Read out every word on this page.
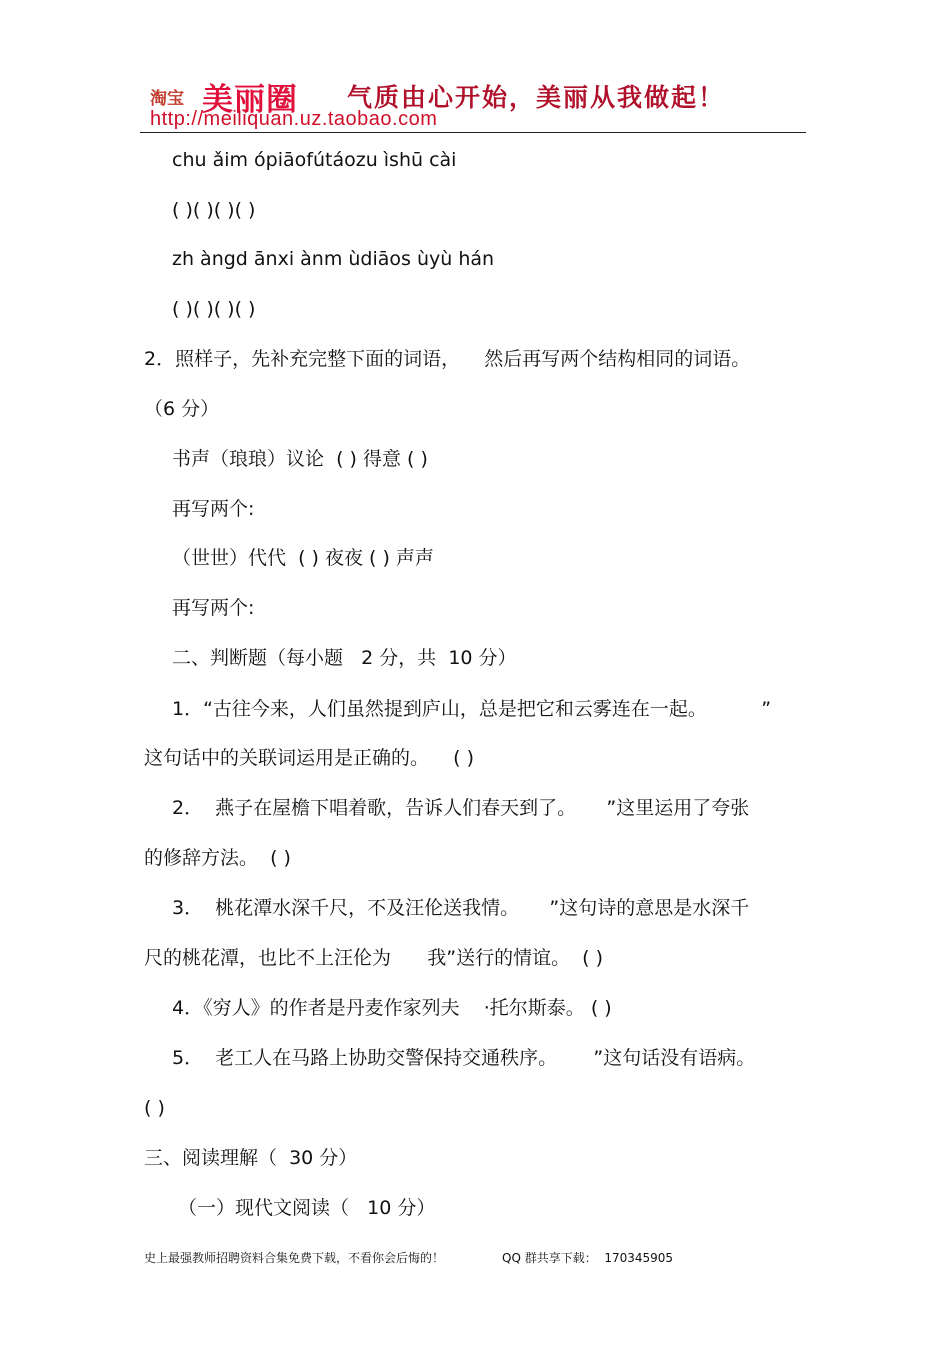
淘宝 美丽圈 气质由心开始，美丽从我做起！
http://meiliquan.uz.taobao.com
chu ǎim ópiāofútáozu ìshū cài
( )( )( )( )
zh àngd ānxi ànm ùdiāos ùyù hán
( )( )( )( )
2．照样子，先补充完整下面的词语，    然后再写两个结构相同的词语。
（6 分）
书声（琅琅）议论  ( ) 得意 ( )
再写两个:
（世世）代代  ( ) 夜夜 ( ) 声声
再写两个:
二、判断题（每小题   2 分，共  10 分）
1．“古往今来，人们虽然提到庐山，总是把它和云雾连在一起。         ”
这句话中的关联词运用是正确的。    ( )
2．  燕子在屋檐下唱着歌，告诉人们春天到了。     ”这里运用了夸张
的修辞方法。  ( )
3．  桃花潭水深千尺，不及汪伦送我情。     ”这句诗的意思是水深千
尺的桃花潭，也比不上汪伦为      我”送行的情谊。  ( )
4．《穷人》的作者是丹麦作家列夫    ·托尔斯泰。 ( )
5．  老工人在马路上协助交警保持交通秩序。      ”这句话没有语病。
( )
三、阅读理解（  30 分）
（一）现代文阅读（   10 分）
史上最强教师招聘资料合集免费下载，不看你会后悔的！	QQ 群共享下载：  170345905
